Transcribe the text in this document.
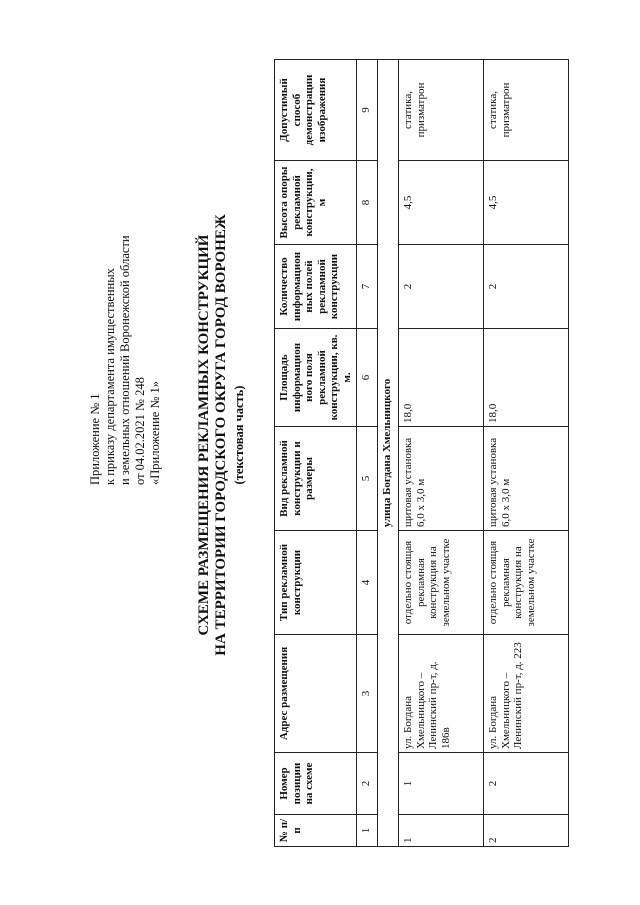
Приложение № 1 к приказу департамента имущественных и земельных отношений Воронежской области от 04.02.2021 № 248 «Приложение № 1» СХЕМЕ РАЗМЕЩЕНИЯ РЕКЛАМНЫХ КОНСТРУКЦИЙ НА ТЕРРИТОРИИ ГОРОДСКОГО ОКРУГА ГОРОД ВОРОНЕЖ (текстовая часть)
№ п/п	Номер позиции на схеме	Адрес размещения	Тип рекламной конструкции	Вид рекламной конструкции и размеры	Площадь информацион ного поля рекламной конструкции, кв. м.	Количество информацион ных полей рекламной конструкции	Высота опоры рекламной конструкции, м	Допустимый способ демонстрации изображения
1	2	3	4	5	6	7	8	9
улица Богдана Хмельницкого								
1	1	ул. Богдана Хмельницкого – Ленинский пр-т, д. 186в	отдельно стоящая рекламная конструкция на земельном участке	щитовая установка 6,0 х 3,0 м	18,0	2	4,5	статика, призматрон
2	2	ул. Богдана Хмельницкого – Ленинский пр-т, д. 223	отдельно стоящая рекламная конструкция на земельном участке	щитовая установка 6,0 х 3,0 м	18,0	2	4,5	статика, призматрон
